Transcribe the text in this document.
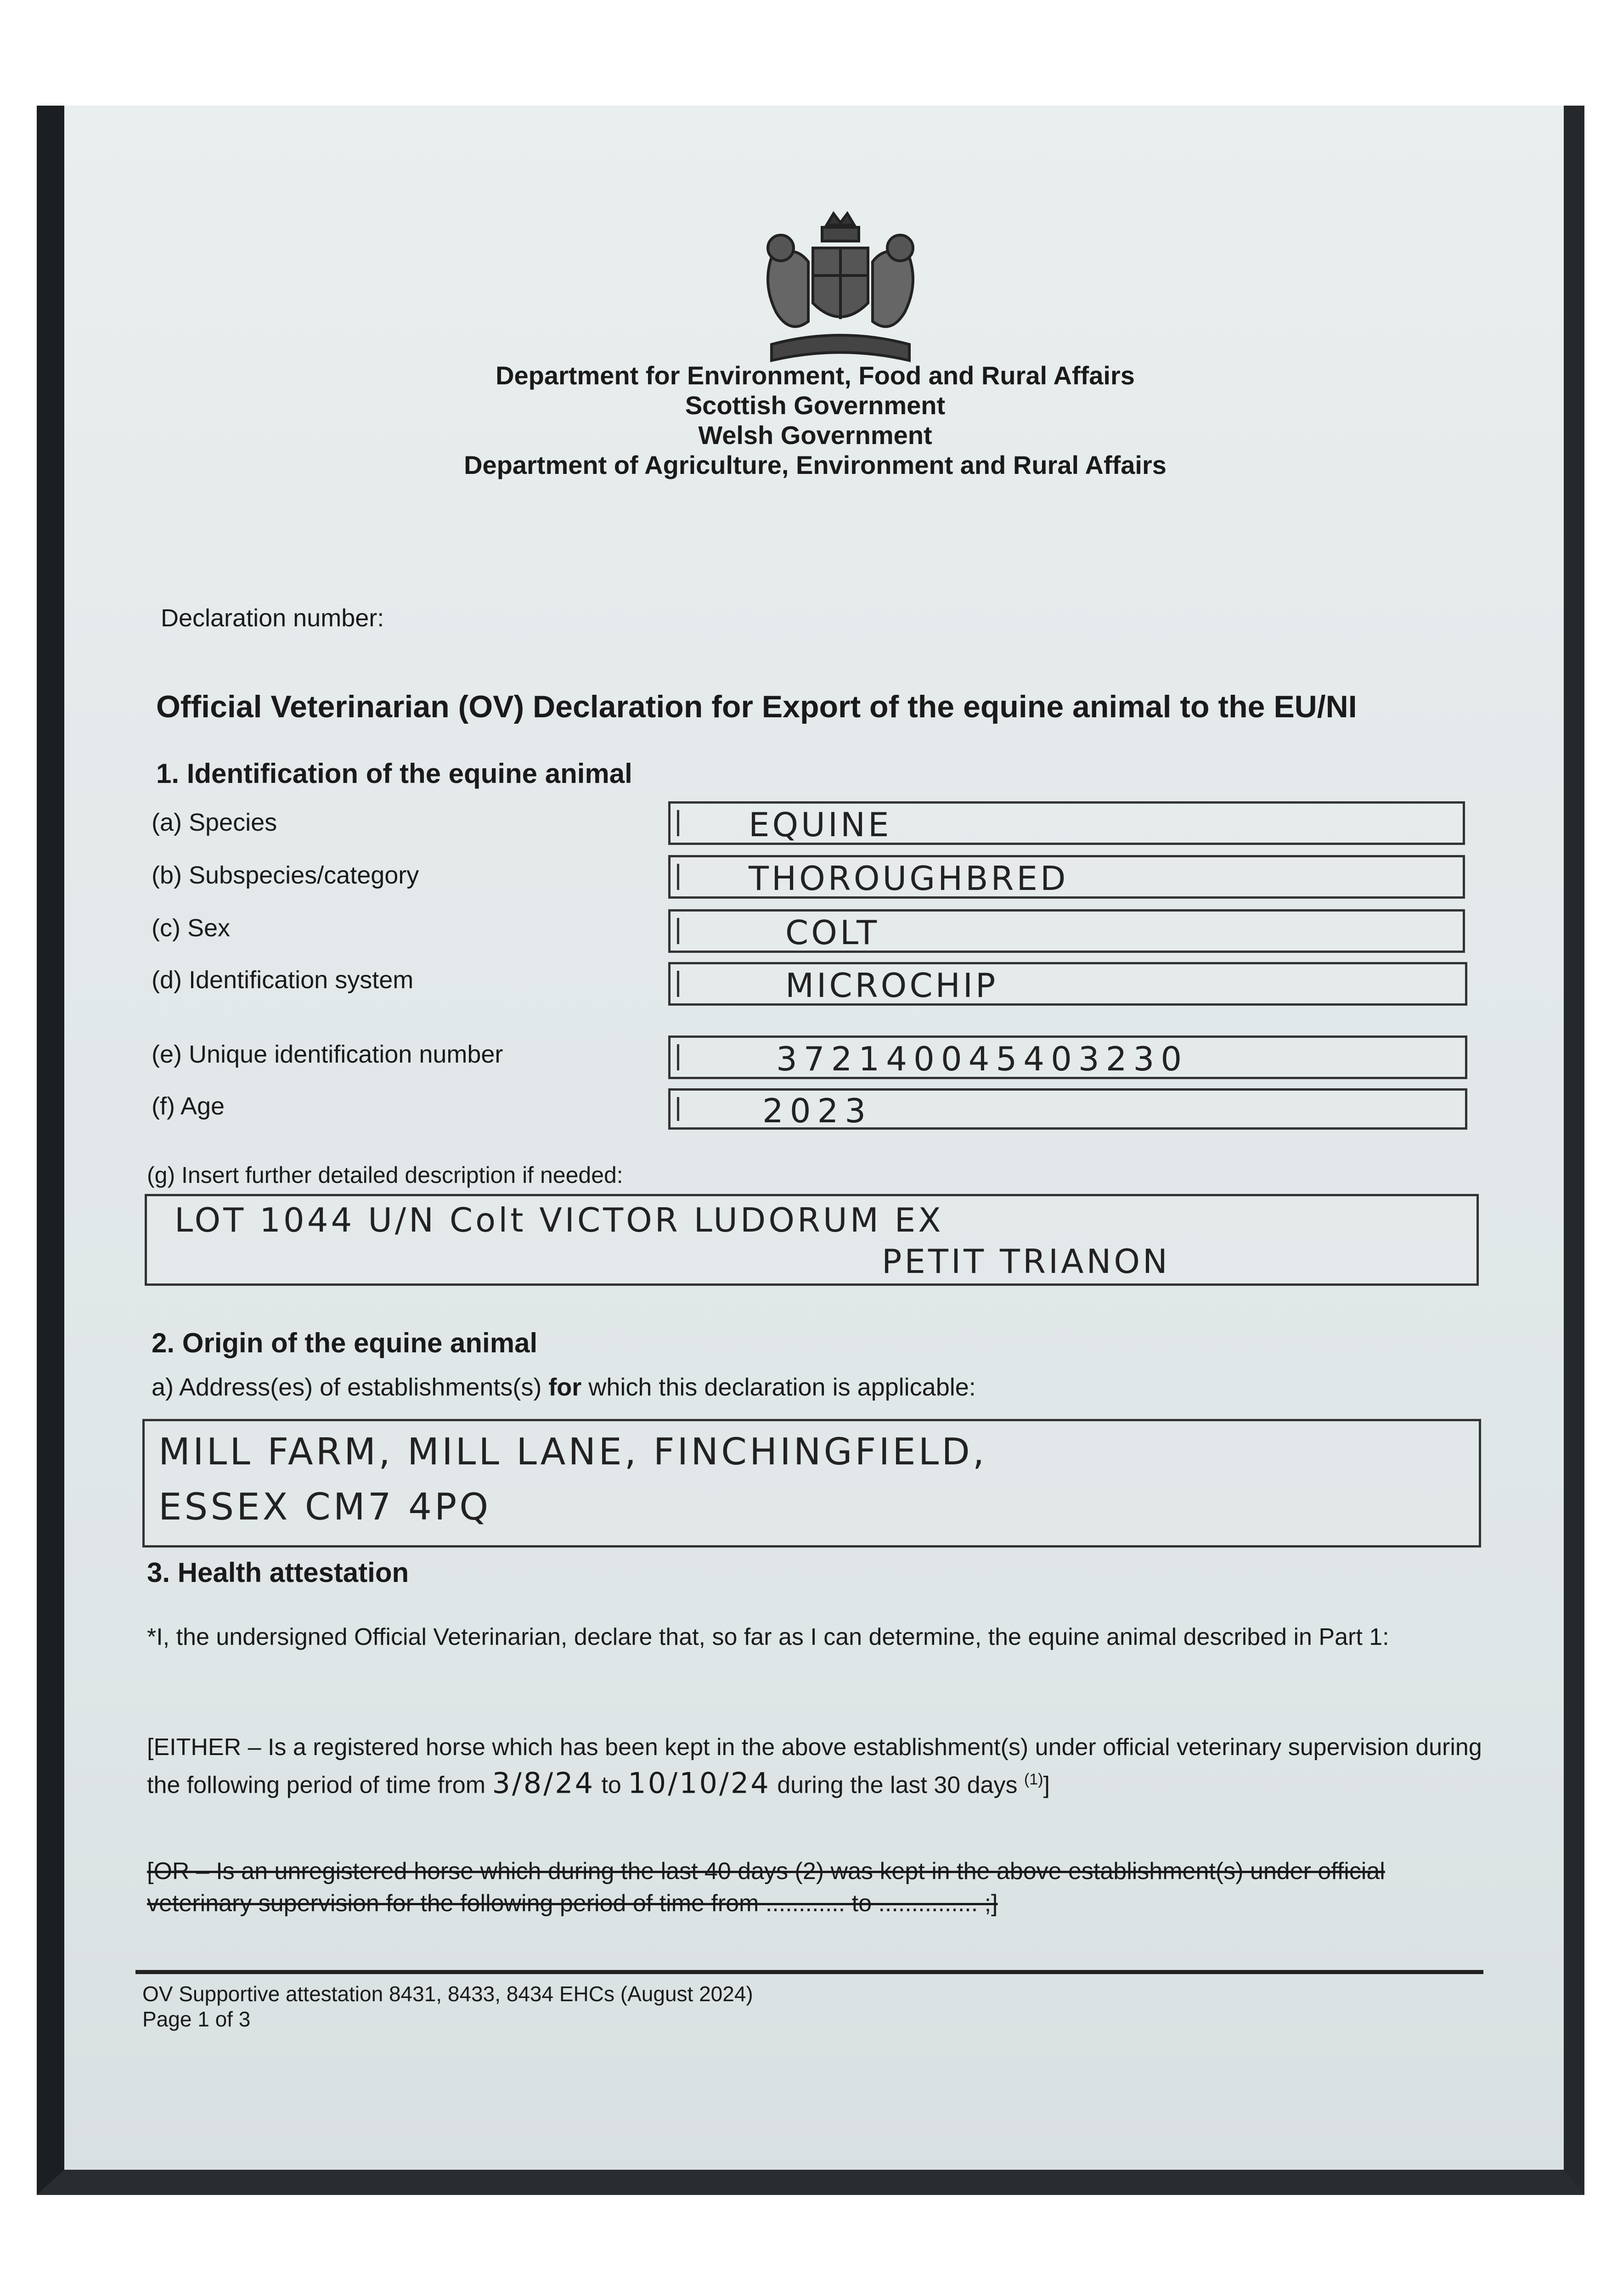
Department for Environment, Food and Rural Affairs
Scottish Government
Welsh Government
Department of Agriculture, Environment and Rural Affairs
Declaration number:
Official Veterinarian (OV) Declaration for Export of the equine animal to the EU/NI
1. Identification of the equine animal
(a) Species	EQUINE
(b) Subspecies/category	THOROUGHBRED
(c) Sex	COLT
(d) Identification system	MICROCHIP
(e) Unique identification number	372140045403230
(f) Age	2023
(g) Insert further detailed description if needed:
LOT 1044 U/N Colt VICTOR LUDORUM EX
PETIT TRIANON
2. Origin of the equine animal
a) Address(es) of establishments(s) for which this declaration is applicable:
MILL FARM, MILL LANE, FINCHINGFIELD,
ESSEX CM7 4PQ
3. Health attestation
*I, the undersigned Official Veterinarian, declare that, so far as I can determine, the equine animal described in Part 1:
[EITHER – Is a registered horse which has been kept in the above establishment(s) under official veterinary supervision during the following period of time from 3/8/24 to 10/10/24 during the last 30 days $^{(1)}$]
[OR – Is an unregistered horse which during the last 40 days (2) was kept in the above establishment(s) under official veterinary supervision for the following period of time from ............ to ............... ;]
OV Supportive attestation 8431, 8433, 8434 EHCs (August 2024)
Page 1 of 3
